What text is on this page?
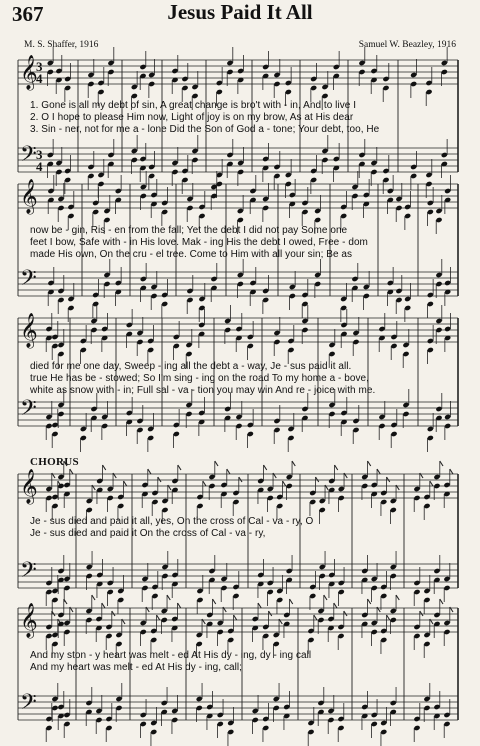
𝄞
𝄢
3
4
3
4
𝄞
𝄢
𝄞
𝄢
𝄞
𝄢
𝄞
𝄢
367	Jesus Paid It All
M. S. Shaffer, 1916	Samuel W. Beazley, 1916
CHORUS
1. Gone is all my debt of sin, A great change is bro't with - in, And to live I
2. O I hope to please Him now, Light of joy is on my brow, As at His dear
3. Sin - ner, not for me a - lone Did the Son of God a - tone; Your debt, too, He
now be - gin, Ris - en from the fall; Yet the debt I did not pay Some one
feet I bow, Safe with - in His love. Mak - ing His the debt I owed, Free - dom
made His own, On the cru - el tree. Come to Him with all your sin; Be as
died for me one day, Sweep - ing all the debt a - way, Je - sus paid it all.
true He has be - stowed; So I'm sing - ing on the road To my home a - bove,
white as snow with - in; Full sal - va - tion you may win And re - joice with me.
Je - sus died and paid it all, yes, On the cross of Cal - va - ry, O
Je - sus died and paid it On the cross of Cal - va - ry,
And my ston - y heart was melt - ed At His dy - ing, dy - ing call
And my heart was melt - ed At His dy - ing, call;
